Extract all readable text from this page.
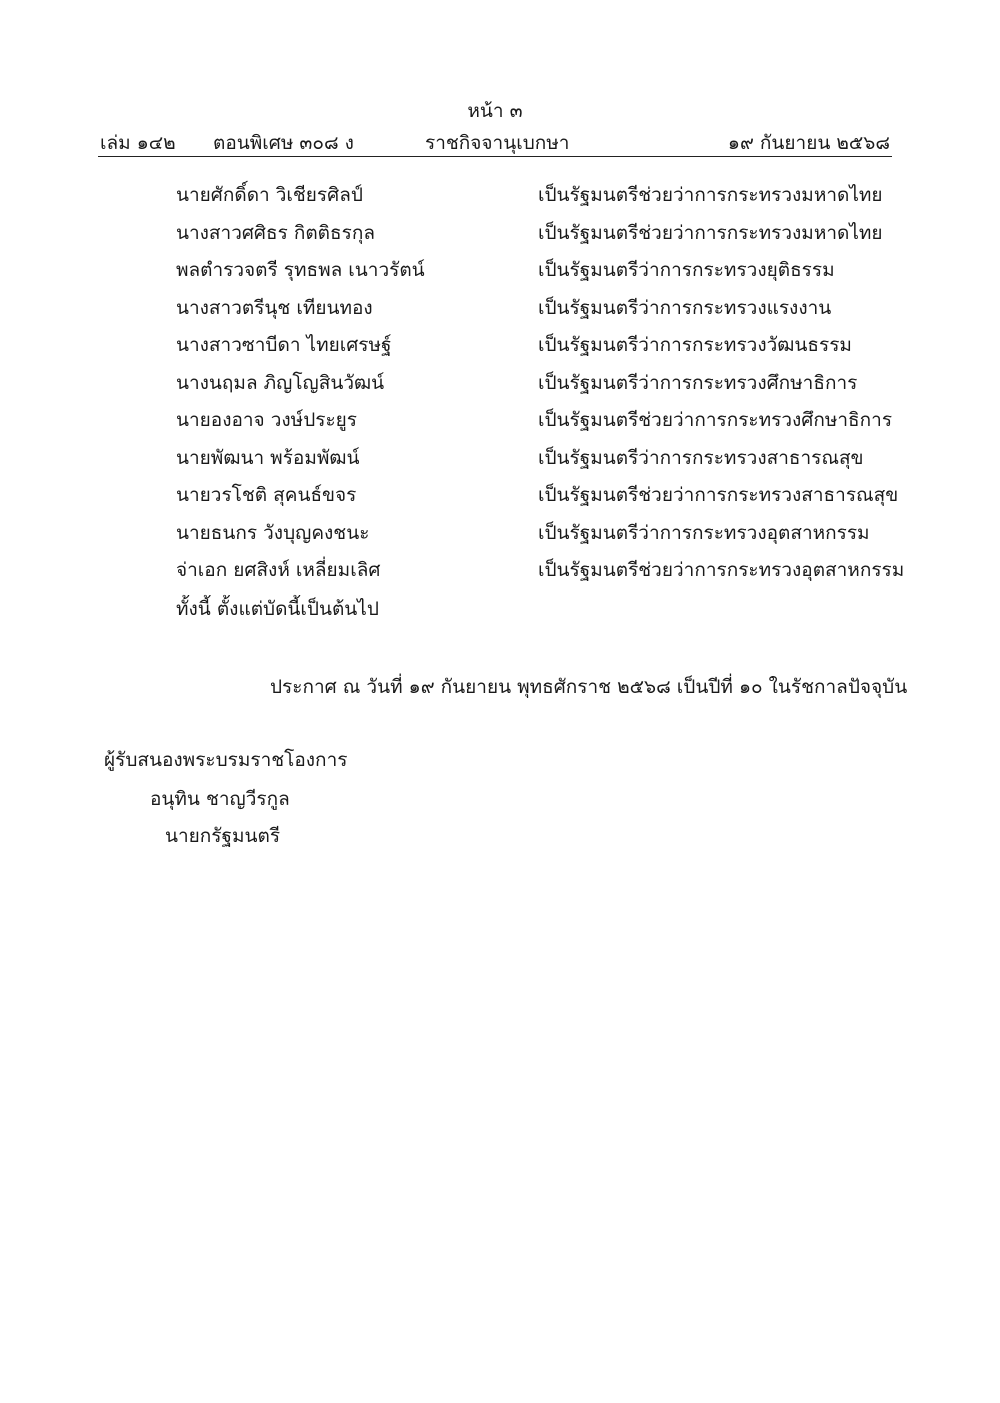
หน้า ๓
เล่ม ๑๔๒ ตอนพิเศษ ๓๐๘ ง	ราชกิจจานุเบกษา	๑๙ กันยายน ๒๕๖๘
นายศักดิ์ดา วิเชียรศิลป์	เป็นรัฐมนตรีช่วยว่าการกระทรวงมหาดไทย
นางสาวศศิธร กิตติธรกุล	เป็นรัฐมนตรีช่วยว่าการกระทรวงมหาดไทย
พลตำรวจตรี รุทธพล เนาวรัตน์	เป็นรัฐมนตรีว่าการกระทรวงยุติธรรม
นางสาวตรีนุช เทียนทอง	เป็นรัฐมนตรีว่าการกระทรวงแรงงาน
นางสาวซาบีดา ไทยเศรษฐ์	เป็นรัฐมนตรีว่าการกระทรวงวัฒนธรรม
นางนฤมล ภิญโญสินวัฒน์	เป็นรัฐมนตรีว่าการกระทรวงศึกษาธิการ
นายองอาจ วงษ์ประยูร	เป็นรัฐมนตรีช่วยว่าการกระทรวงศึกษาธิการ
นายพัฒนา พร้อมพัฒน์	เป็นรัฐมนตรีว่าการกระทรวงสาธารณสุข
นายวรโชติ สุคนธ์ขจร	เป็นรัฐมนตรีช่วยว่าการกระทรวงสาธารณสุข
นายธนกร วังบุญคงชนะ	เป็นรัฐมนตรีว่าการกระทรวงอุตสาหกรรม
จ่าเอก ยศสิงห์ เหลี่ยมเลิศ	เป็นรัฐมนตรีช่วยว่าการกระทรวงอุตสาหกรรม
ทั้งนี้ ตั้งแต่บัดนี้เป็นต้นไป
ประกาศ ณ วันที่ ๑๙ กันยายน พุทธศักราช ๒๕๖๘ เป็นปีที่ ๑๐ ในรัชกาลปัจจุบัน
ผู้รับสนองพระบรมราชโองการ
อนุทิน ชาญวีรกูล
นายกรัฐมนตรี
